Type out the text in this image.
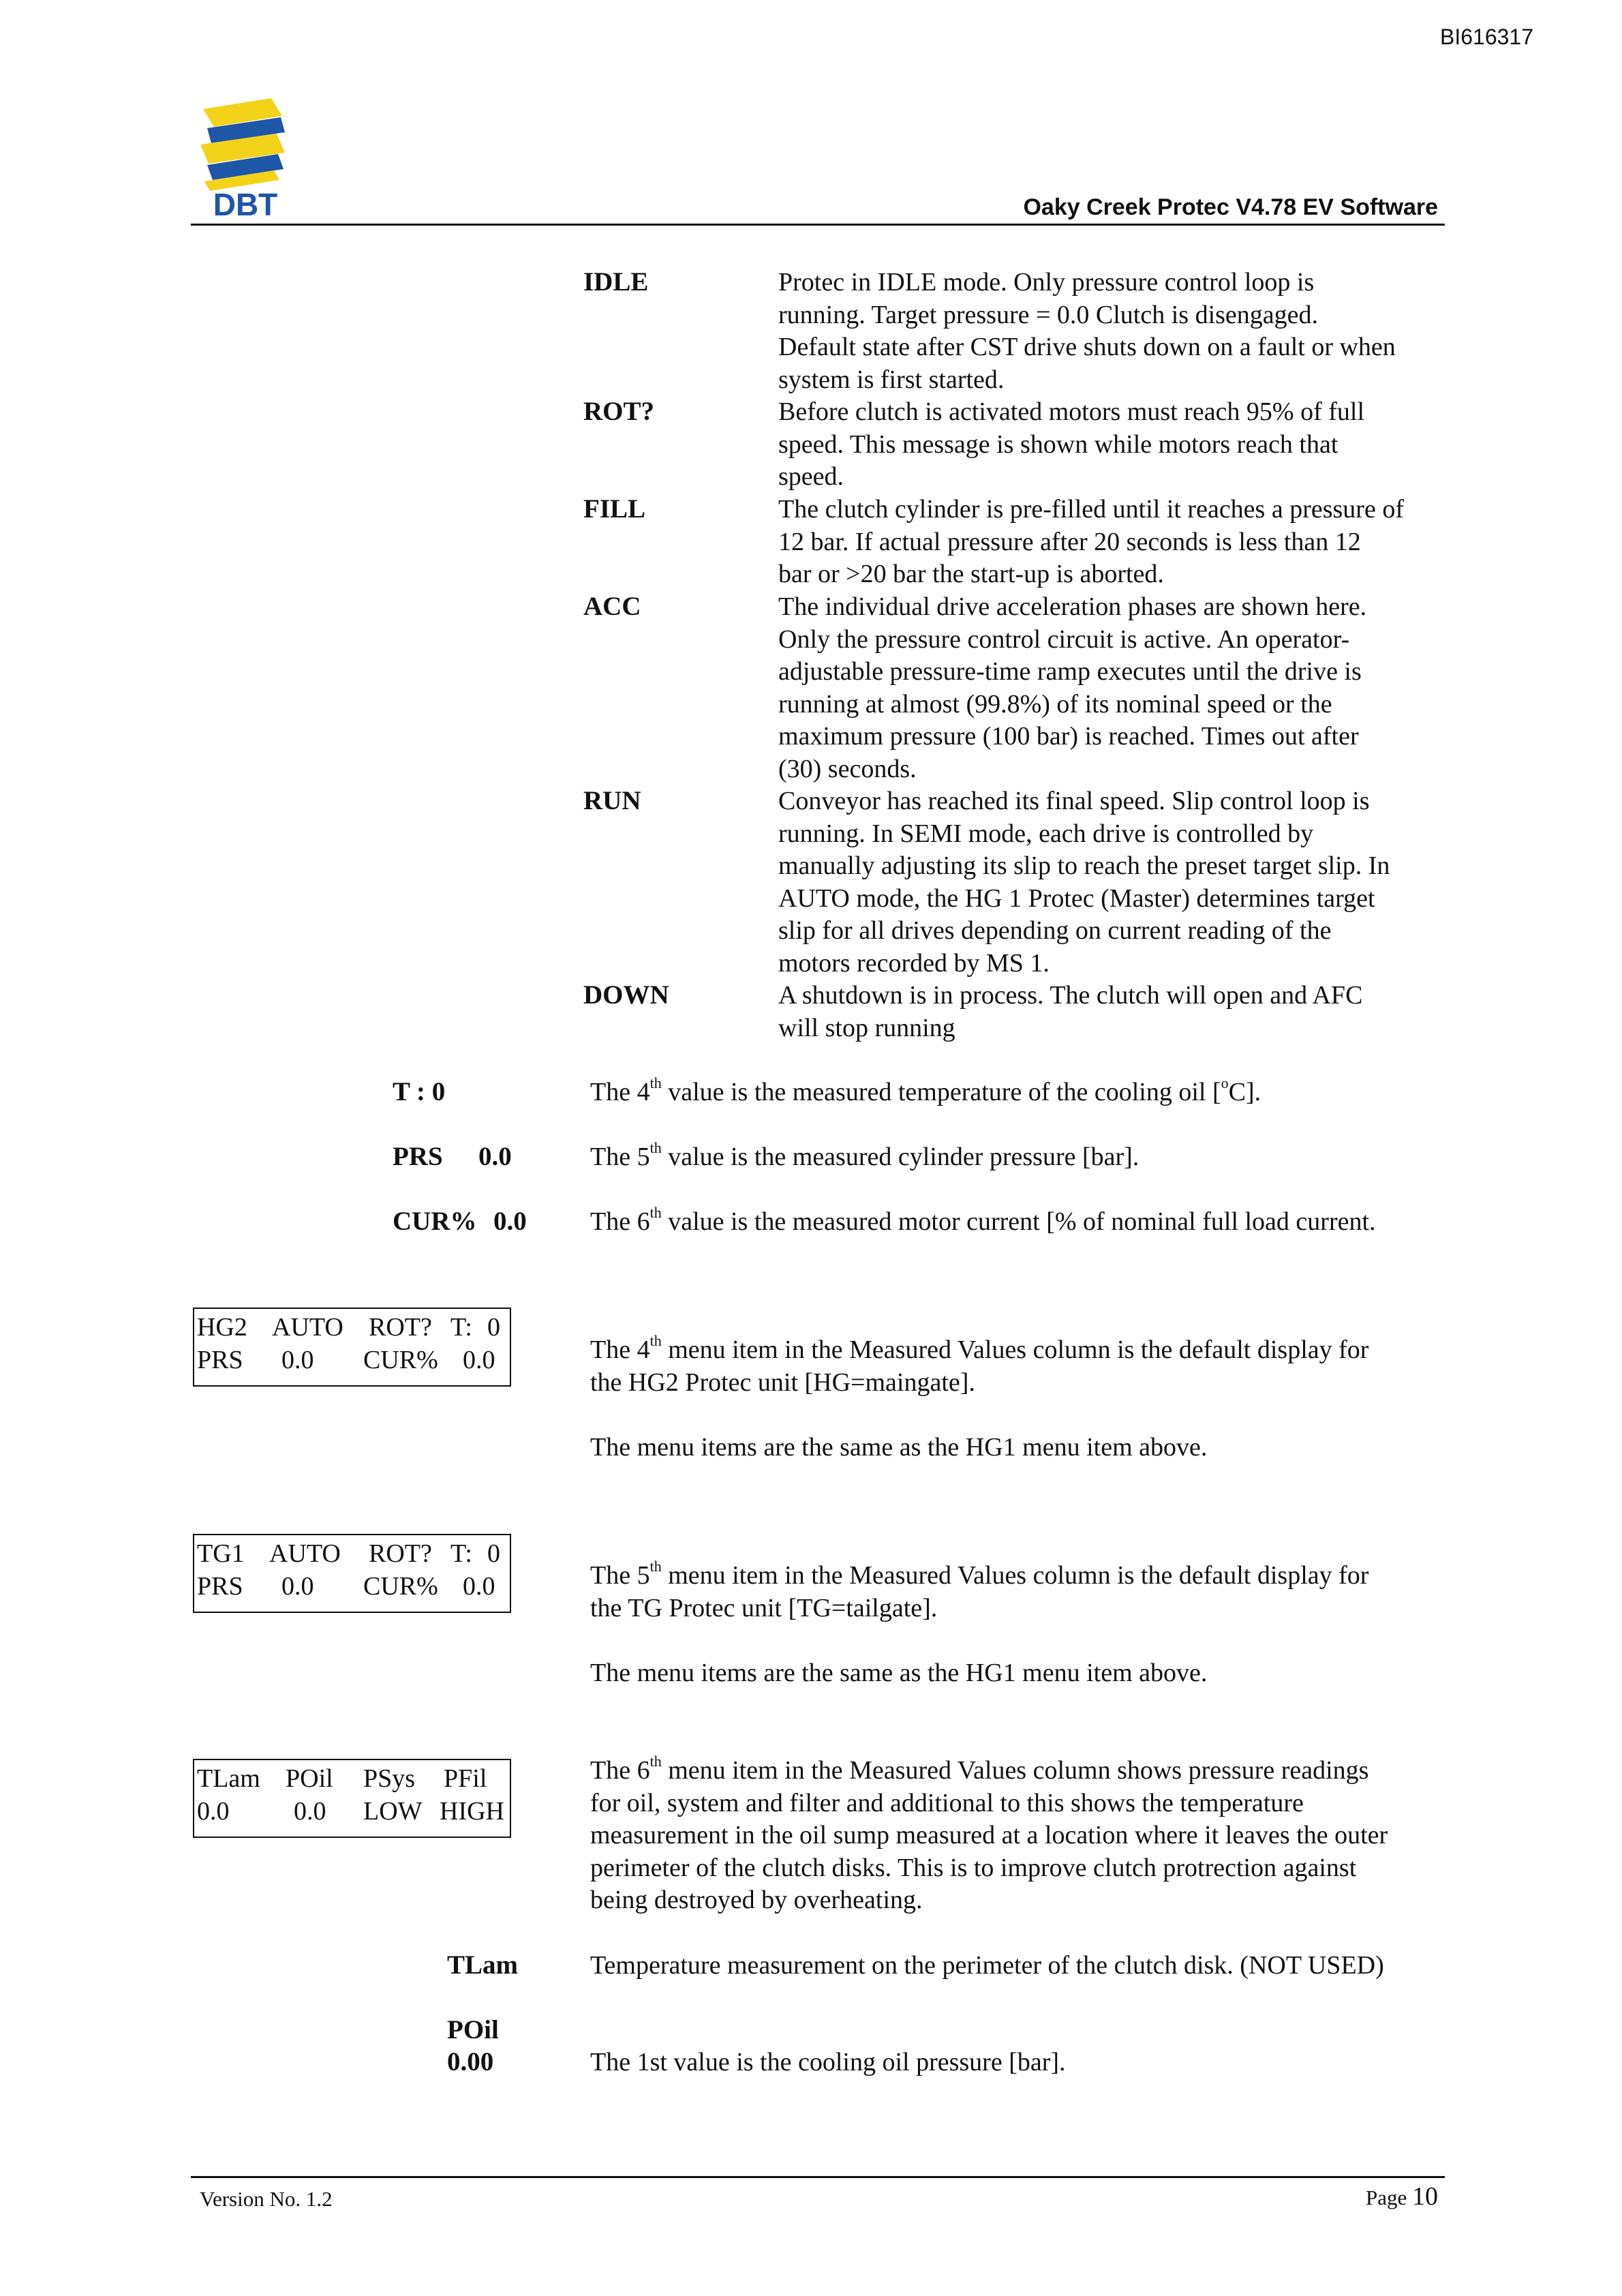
BI616317
DBT	Oaky Creek Protec V4.78 EV Software
IDLE	Protec in IDLE mode. Only pressure control loop is
running. Target pressure = 0.0 Clutch is disengaged.
Default state after CST drive shuts down on a fault or when
system is first started.
ROT?	Before clutch is activated motors must reach 95% of full
speed. This message is shown while motors reach that
speed.
FILL	The clutch cylinder is pre-filled until it reaches a pressure of
12 bar. If actual pressure after 20 seconds is less than 12
bar or >20 bar the start-up is aborted.
ACC	The individual drive acceleration phases are shown here.
Only the pressure control circuit is active. An operator-
adjustable pressure-time ramp executes until the drive is
running at almost (99.8%) of its nominal speed or the
maximum pressure (100 bar) is reached. Times out after
(30) seconds.
RUN	Conveyor has reached its final speed. Slip control loop is
running. In SEMI mode, each drive is controlled by
manually adjusting its slip to reach the preset target slip. In
AUTO mode, the HG 1 Protec (Master) determines target
slip for all drives depending on current reading of the
motors recorded by MS 1.
DOWN	A shutdown is in process. The clutch will open and AFC
will stop running
T : 0	The 4th value is the measured temperature of the cooling oil [$^o$C].
PRS 0.0	The 5th value is the measured cylinder pressure [bar].
CUR% 0.0 The 6th value is the measured motor current [% of nominal full load current.
HG2 AUTO ROT? T: 0
PRS 0.0 CUR% 0.0	The 4th menu item in the Measured Values column is the default display for
the HG2 Protec unit [HG=maingate].
The menu items are the same as the HG1 menu item above.
TG1 AUTO ROT? T: 0
PRS 0.0 CUR% 0.0	The 5th menu item in the Measured Values column is the default display for
the TG Protec unit [TG=tailgate].
The menu items are the same as the HG1 menu item above.
TLam POil PSys PFil
0.0 0.0 LOW HIGH
The 6th menu item in the Measured Values column shows pressure readings
for oil, system and filter and additional to this shows the temperature
measurement in the oil sump measured at a location where it leaves the outer
perimeter of the clutch disks. This is to improve clutch protrection against
being destroyed by overheating.
TLam	Temperature measurement on the perimeter of the clutch disk. (NOT USED)
POil
0.00	The 1st value is the cooling oil pressure [bar].
Version No. 1.2	Page 10
